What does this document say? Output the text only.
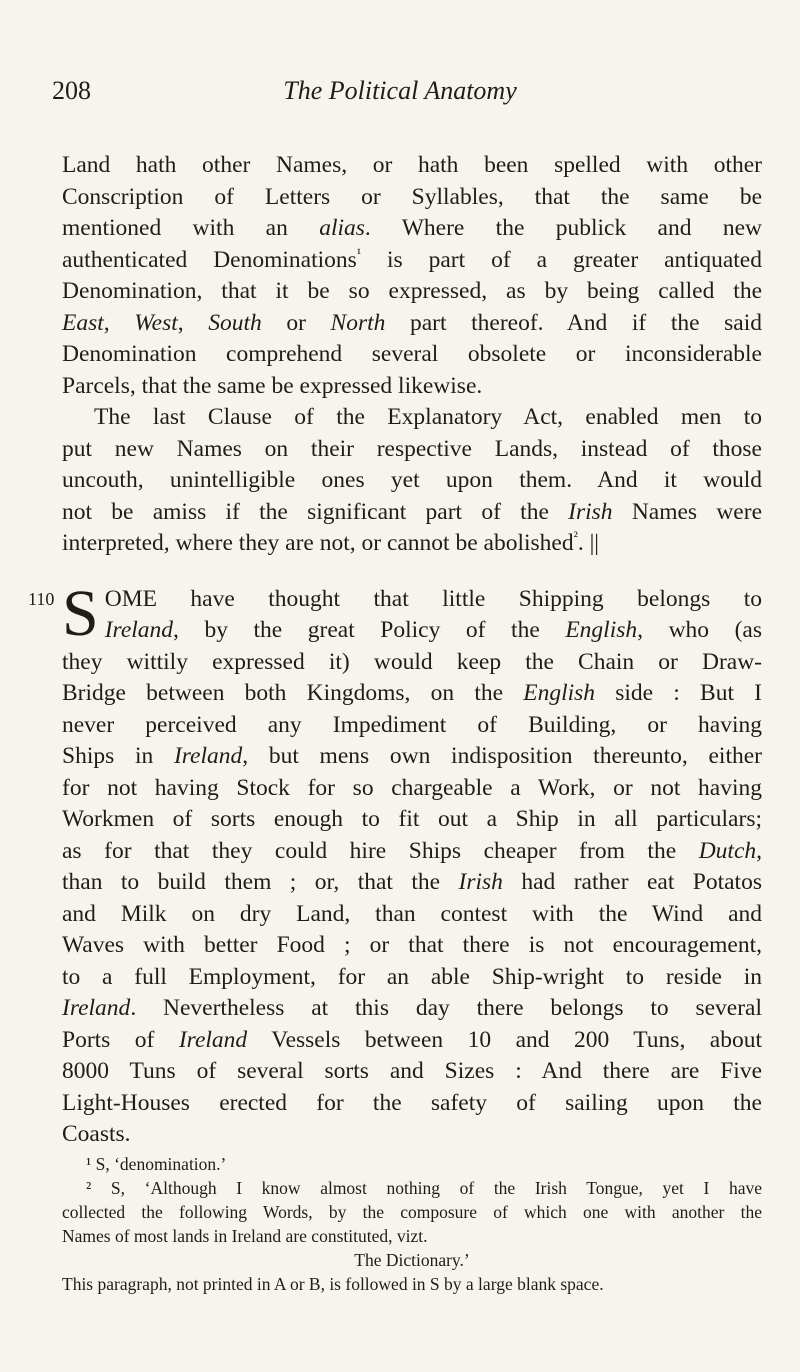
208	The Political Anatomy
Land hath other Names, or hath been spelled with other
Conscription of Letters or Syllables, that the same be
mentioned with an alias. Where the publick and new
authenticated Denominations$^{^1}$ is part of a greater antiquated
Denomination, that it be so expressed, as by being called the
East, West, South or North part thereof. And if the said
Denomination comprehend several obsolete or inconsiderable
Parcels, that the same be expressed likewise.
The last Clause of the Explanatory Act, enabled men to
put new Names on their respective Lands, instead of those
uncouth, unintelligible ones yet upon them. And it would
not be amiss if the significant part of the Irish Names were
interpreted, where they are not, or cannot be abolished$^{^2}$. ||
110 S OME have thought that little Shipping belongs to
Ireland, by the great Policy of the English, who (as
they wittily expressed it) would keep the Chain or Draw-
Bridge between both Kingdoms, on the English side : But I
never perceived any Impediment of Building, or having
Ships in Ireland, but mens own indisposition thereunto, either
for not having Stock for so chargeable a Work, or not having
Workmen of sorts enough to fit out a Ship in all particulars;
as for that they could hire Ships cheaper from the Dutch,
than to build them ; or, that the Irish had rather eat Potatos
and Milk on dry Land, than contest with the Wind and
Waves with better Food ; or that there is not encouragement,
to a full Employment, for an able Ship-wright to reside in
Ireland. Nevertheless at this day there belongs to several
Ports of Ireland Vessels between 10 and 200 Tuns, about
8000 Tuns of several sorts and Sizes : And there are Five
Light-Houses erected for the safety of sailing upon the
Coasts.
¹ S, ‘denomination.’
² S, ‘Although I know almost nothing of the Irish Tongue, yet I have
collected the following Words, by the composure of which one with another the
Names of most lands in Ireland are constituted, vizt.
The Dictionary.’
This paragraph, not printed in A or B, is followed in S by a large blank space.
